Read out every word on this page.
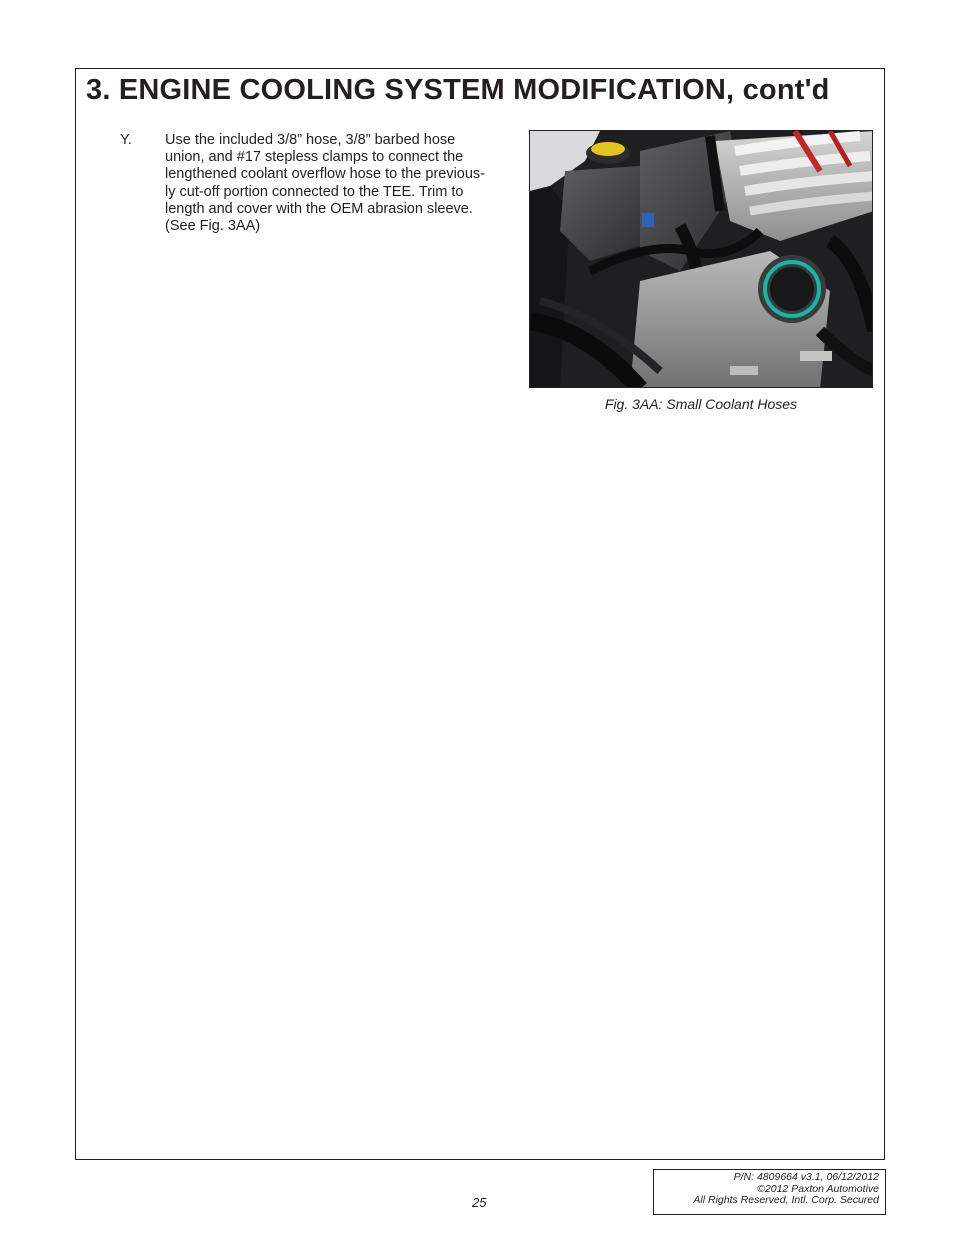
3. ENGINE COOLING SYSTEM MODIFICATION, cont'd
Y. Use the included 3/8” hose, 3/8” barbed hose
union, and #17 stepless clamps to connect the
lengthened coolant overflow hose to the previous-
ly cut-off portion connected to the TEE. Trim to
length and cover with the OEM abrasion sleeve.
(See Fig. 3AA)
Fig. 3AA: Small Coolant Hoses
25
P/N: 4809664 v3.1, 06/12/2012
©2012 Paxton Automotive
All Rights Reserved, Intl. Corp. Secured
